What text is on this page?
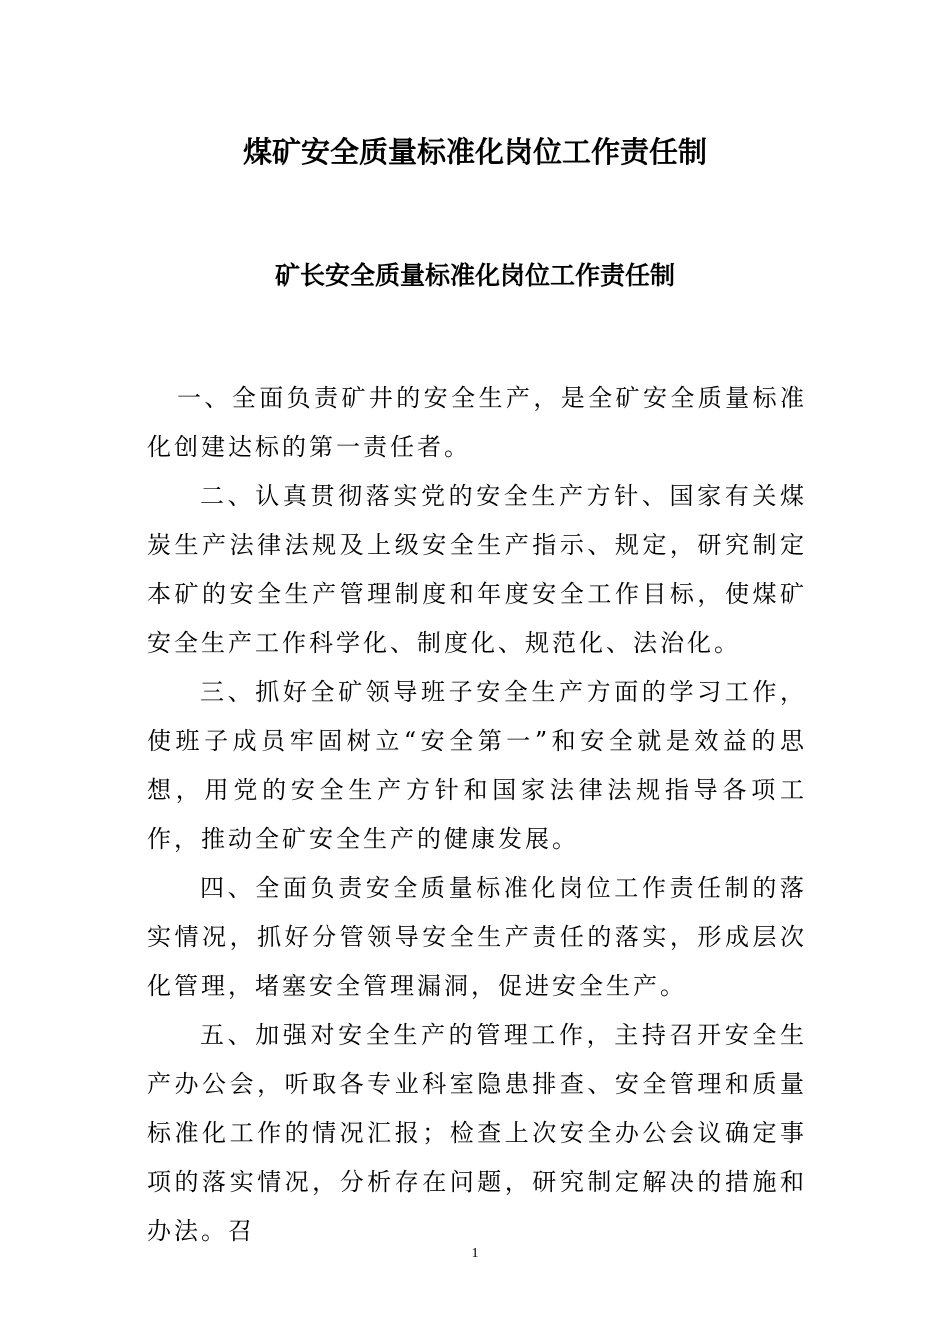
煤矿安全质量标准化岗位工作责任制
矿长安全质量标准化岗位工作责任制

一、全面负责矿井的安全生产，是全矿安全质量标准化创建达标的第一责任者。

二、认真贯彻落实党的安全生产方针、国家有关煤炭生产法律法规及上级安全生产指示、规定，研究制定本矿的安全生产管理制度和年度安全工作目标，使煤矿安全生产工作科学化、制度化、规范化、法治化。

三、抓好全矿领导班子安全生产方面的学习工作，使班子成员牢固树立“安全第一”和安全就是效益的思想，用党的安全生产方针和国家法律法规指导各项工作，推动全矿安全生产的健康发展。

四、全面负责安全质量标准化岗位工作责任制的落实情况，抓好分管领导安全生产责任的落实，形成层次化管理，堵塞安全管理漏洞，促进安全生产。

五、加强对安全生产的管理工作，主持召开安全生产办公会，听取各专业科室隐患排查、安全管理和质量标准化工作的情况汇报；检查上次安全办公会议确定事项的落实情况，分析存在问题，研究制定解决的措施和办法。召

1
